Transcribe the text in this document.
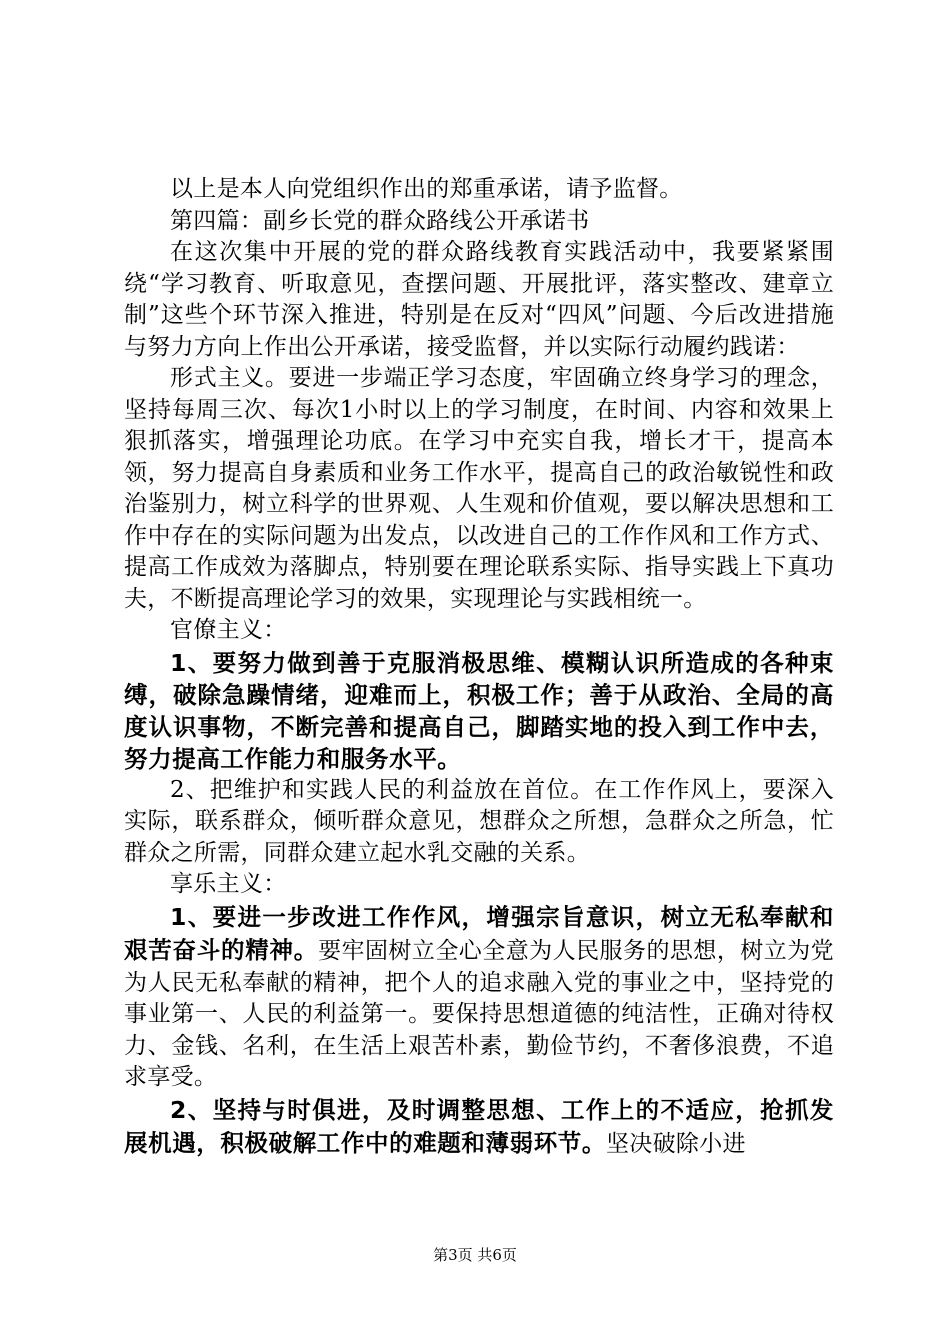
以上是本人向党组织作出的郑重承诺，请予监督。

第四篇：副乡长党的群众路线公开承诺书

在这次集中开展的党的群众路线教育实践活动中，我要紧紧围绕“学习教育、听取意见，查摆问题、开展批评，落实整改、建章立制”这些个环节深入推进，特别是在反对“四风”问题、今后改进措施与努力方向上作出公开承诺，接受监督，并以实际行动履约践诺：

形式主义。要进一步端正学习态度，牢固确立终身学习的理念，坚持每周三次、每次1小时以上的学习制度，在时间、内容和效果上狠抓落实，增强理论功底。在学习中充实自我，增长才干，提高本领，努力提高自身素质和业务工作水平，提高自己的政治敏锐性和政治鉴别力，树立科学的世界观、人生观和价值观，要以解决思想和工作中存在的实际问题为出发点，以改进自己的工作作风和工作方式、提高工作成效为落脚点，特别要在理论联系实际、指导实践上下真功夫，不断提高理论学习的效果，实现理论与实践相统一。

官僚主义：

1、要努力做到善于克服消极思维、模糊认识所造成的各种束缚，破除急躁情绪，迎难而上，积极工作；善于从政治、全局的高度认识事物，不断完善和提高自己，脚踏实地的投入到工作中去，努力提高工作能力和服务水平。

2、把维护和实践人民的利益放在首位。在工作作风上，要深入实际，联系群众，倾听群众意见，想群众之所想，急群众之所急，忙群众之所需，同群众建立起水乳交融的关系。

享乐主义：

1、要进一步改进工作作风，增强宗旨意识，树立无私奉献和艰苦奋斗的精神。要牢固树立全心全意为人民服务的思想，树立为党为人民无私奉献的精神，把个人的追求融入党的事业之中，坚持党的事业第一、人民的利益第一。要保持思想道德的纯洁性，正确对待权力、金钱、名利，在生活上艰苦朴素，勤俭节约，不奢侈浪费，不追求享受。

2、坚持与时俱进，及时调整思想、工作上的不适应，抢抓发展机遇，积极破解工作中的难题和薄弱环节。坚决破除小进

第3页 共6页
